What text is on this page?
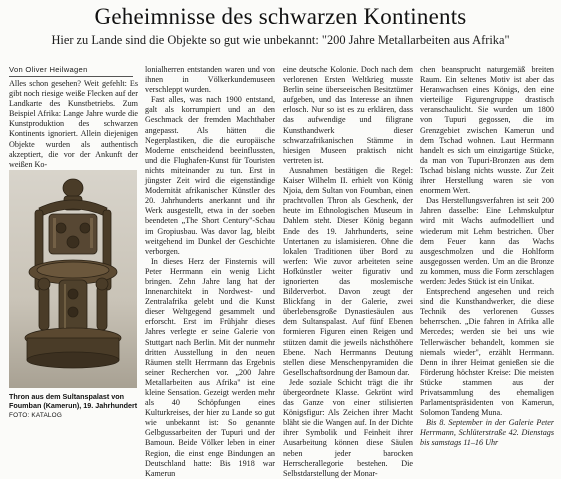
Geheimnisse des schwarzen Kontinents
Hier zu Lande sind die Objekte so gut wie unbekannt: "200 Jahre Metallarbeiten aus Afrika"
Von Oliver Heilwagen

Alles schon gesehen? Weit gefehlt: Es gibt noch riesige weiße Flecken auf der Landkarte des Kunstbetriebs. Zum Beispiel Afrika: Lange Jahre wurde die Kunstproduktion des schwarzen Kontinents ignoriert. Allein diejenigen Objekte wurden als authentisch akzeptiert, die vor der Ankunft der weißen Ko-

Thron aus dem Sultanspalast von Foumban (Kamerun), 19. Jahrhundert FOTO: KATALOG

lonialherren entstanden waren und von ihnen in Völkerkundemuseen verschleppt wurden.

Fast alles, was nach 1900 entstand, galt als korrumpiert und an den Geschmack der fremden Machthaber angepasst. Als hätten die Negerplastiken, die die europäische Moderne entscheidend beeinflussten, und die Flughafen-Kunst für Touristen nichts miteinander zu tun. Erst in jüngster Zeit wird die eigenständige Modernität afrikanischer Künstler des 20. Jahrhunderts anerkannt und ihr Werk ausgestellt, etwa in der soeben beendeten „The Short Century"-Schau im Gropiusbau. Was davor lag, bleibt weitgehend im Dunkel der Geschichte verborgen.

In dieses Herz der Finsternis will Peter Herrmann ein wenig Licht bringen. Zehn Jahre lang hat der Innenarchitekt in Nordwest- und Zentralafrika gelebt und die Kunst dieser Weltgegend gesammelt und erforscht. Erst im Frühjahr dieses Jahres verlegte er seine Galerie von Stuttgart nach Berlin. Mit der nunmehr dritten Ausstellung in den neuen Räumen stellt Herrmann das Ergebnis seiner Recherchen vor. „200 Jahre Metallarbeiten aus Afrika" ist eine kleine Sensation. Gezeigt werden mehr als 40 Schöpfungen eines Kulturkreises, der hier zu Lande so gut wie unbekannt ist: So genannte Gelbgussarbeiten der Tupuri und der Bamoun. Beide Völker leben in einer Region, die einst enge Bindungen an Deutschland hatte: Bis 1918 war Kamerun

eine deutsche Kolonie. Doch nach dem verlorenen Ersten Weltkrieg musste Berlin seine überseeischen Besitztümer aufgeben, und das Interesse an ihnen erlosch. Nur so ist es zu erklären, dass das aufwendige und filigrane Kunsthandwerk dieser schwarzafrikanischen Stämme in hiesigen Museen praktisch nicht vertreten ist.

Ausnahmen bestätigen die Regel: Kaiser Wilhelm II. erhielt von König Njoia, dem Sultan von Foumban, einen prachtvollen Thron als Geschenk, der heute im Ethnologischen Museum in Dahlem steht. Dieser König begann Ende des 19. Jahrhunderts, seine Untertanen zu islamisieren. Ohne die lokalen Traditionen über Bord zu werfen: Wie zuvor arbeiteten seine Hofkünstler weiter figurativ und ignorierten das moslemische Bilderverbot. Davon zeugt der Blickfang in der Galerie, zwei überlebensgroße Dynastiesäulen aus dem Sultanspalast. Auf fünf Ebenen formieren Figuren einen Reigen und stützen damit die jeweils nächsthöhere Ebene. Nach Herrmanns Deutung stellen diese Menschenpyramiden die Gesellschaftsordnung der Bamoun dar.

Jede soziale Schicht trägt die ihr übergeordnete Klasse. Gekrönt wird das Ganze von einer stilisierten Königsfigur: Als Zeichen ihrer Macht bläht sie die Wangen auf. In der Dichte ihrer Symbolik und Feinheit ihrer Ausarbeitung können diese Säulen neben jeder barocken Herrscherallegorie bestehen. Die Selbstdarstellung der Monar-

chen beansprucht naturgemäß breiten Raum. Ein seltenes Motiv ist aber das Heranwachsen eines Königs, den eine vierteilige Figurengruppe drastisch veranschaulicht. Sie wurden um 1800 von Tupuri gegossen, die im Grenzgebiet zwischen Kamerun und dem Tschad wohnen. Laut Herrmann handelt es sich um einzigartige Stücke, da man von Tupuri-Bronzen aus dem Tschad bislang nichts wusste. Zur Zeit ihrer Herstellung waren sie von enormem Wert.

Das Herstellungsverfahren ist seit 200 Jahren dasselbe: Eine Lehmskulptur wird mit Wachs aufmodelliert und wiederum mit Lehm bestrichen. Über dem Feuer kann das Wachs ausgeschmolzen und die Hohlform ausgegossen werden. Um an die Bronze zu kommen, muss die Form zerschlagen werden: Jedes Stück ist ein Unikat.

Entsprechend angesehen und reich sind die Kunsthandwerker, die diese Technik des verlorenen Gusses beherrschen. „Die fahren in Afrika alle Mercedes; werden sie bei uns wie Tellerwäscher behandelt, kommen sie niemals wieder", erzählt Herrmann. Denn in ihrer Heimat genießen sie die Förderung höchster Kreise: Die meisten Stücke stammen aus der Privatsammlung des ehemaligen Parlamentspräsidenten von Kamerun, Solomon Tandeng Muna.

Bis 8. September in der Galerie Peter Herrmann, Schlüterstraße 42. Dienstags bis samstags 11–16 Uhr
